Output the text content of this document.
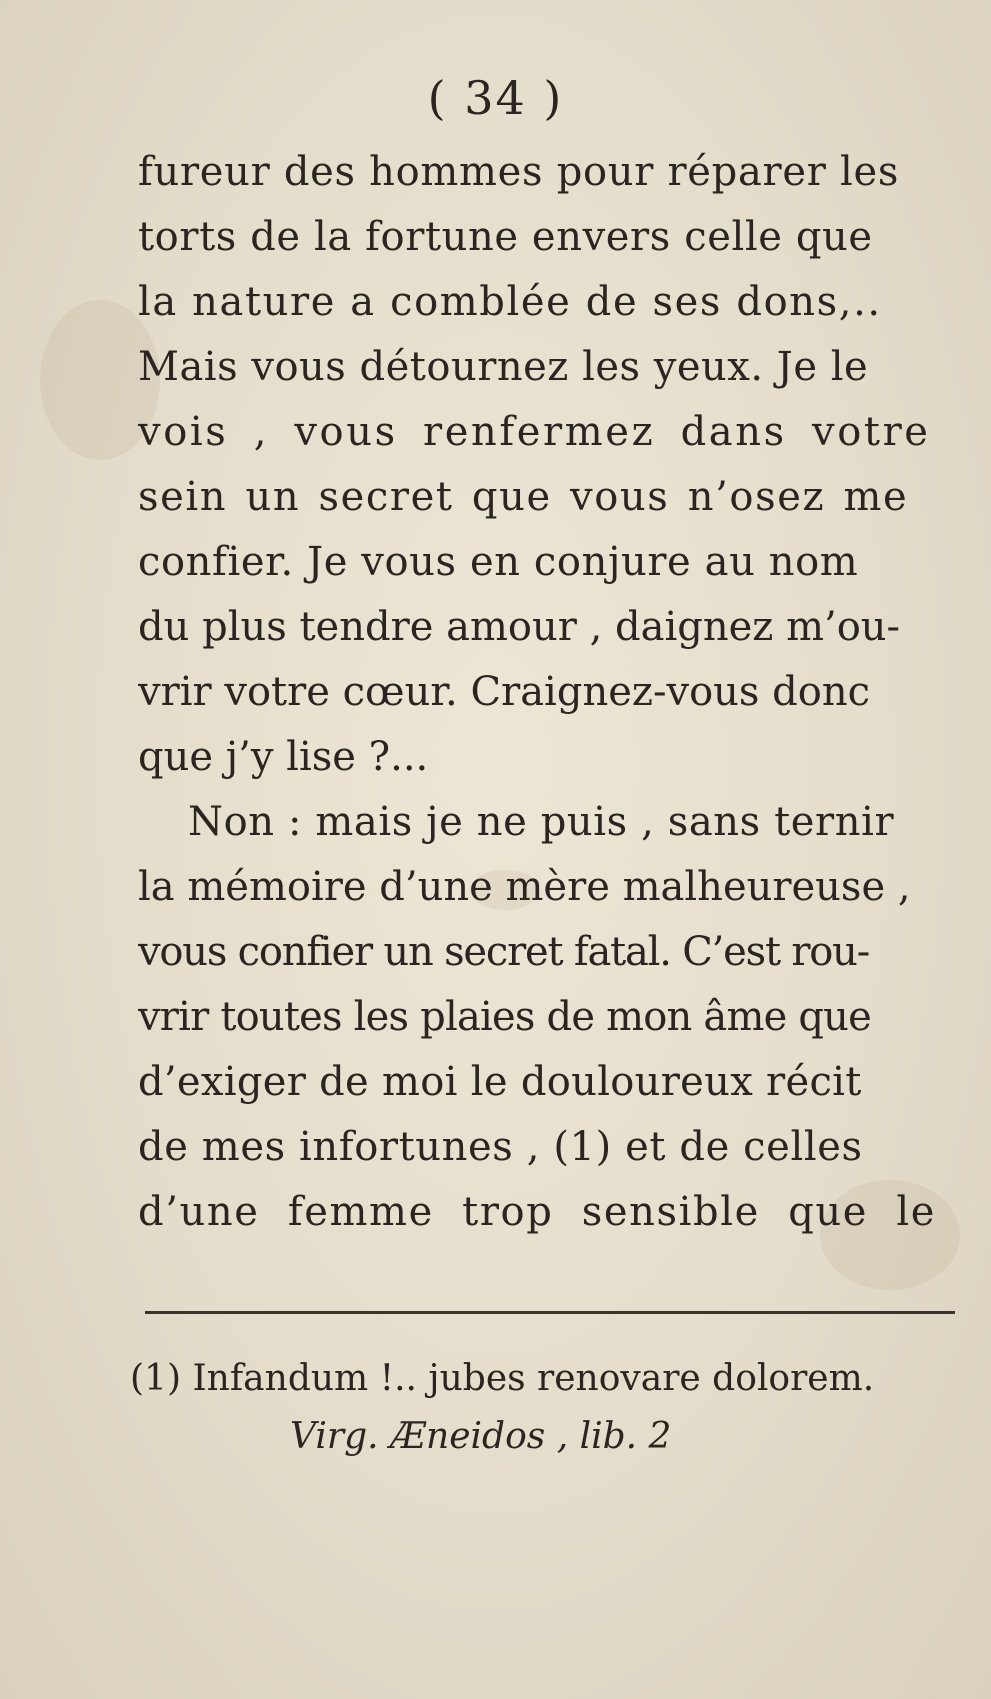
( 34 )
fureur des hommes pour réparer les
torts de la fortune envers celle que
la nature a comblée de ses dons,..
Mais vous détournez les yeux. Je le
vois , vous renfermez dans votre
sein un secret que vous n’osez me
confier. Je vous en conjure au nom
du plus tendre amour , daignez m’ou-
vrir votre cœur. Craignez-vous donc
que j’y lise ?...
Non : mais je ne puis , sans ternir
la mémoire d’une mère malheureuse ,
vous confier un secret fatal. C’est rou-
vrir toutes les plaies de mon âme que
d’exiger de moi le douloureux récit
de mes infortunes , (1) et de celles
d’une femme trop sensible que le
(1) Infandum !.. jubes renovare dolorem.
Virg. Æneidos , lib. 2
